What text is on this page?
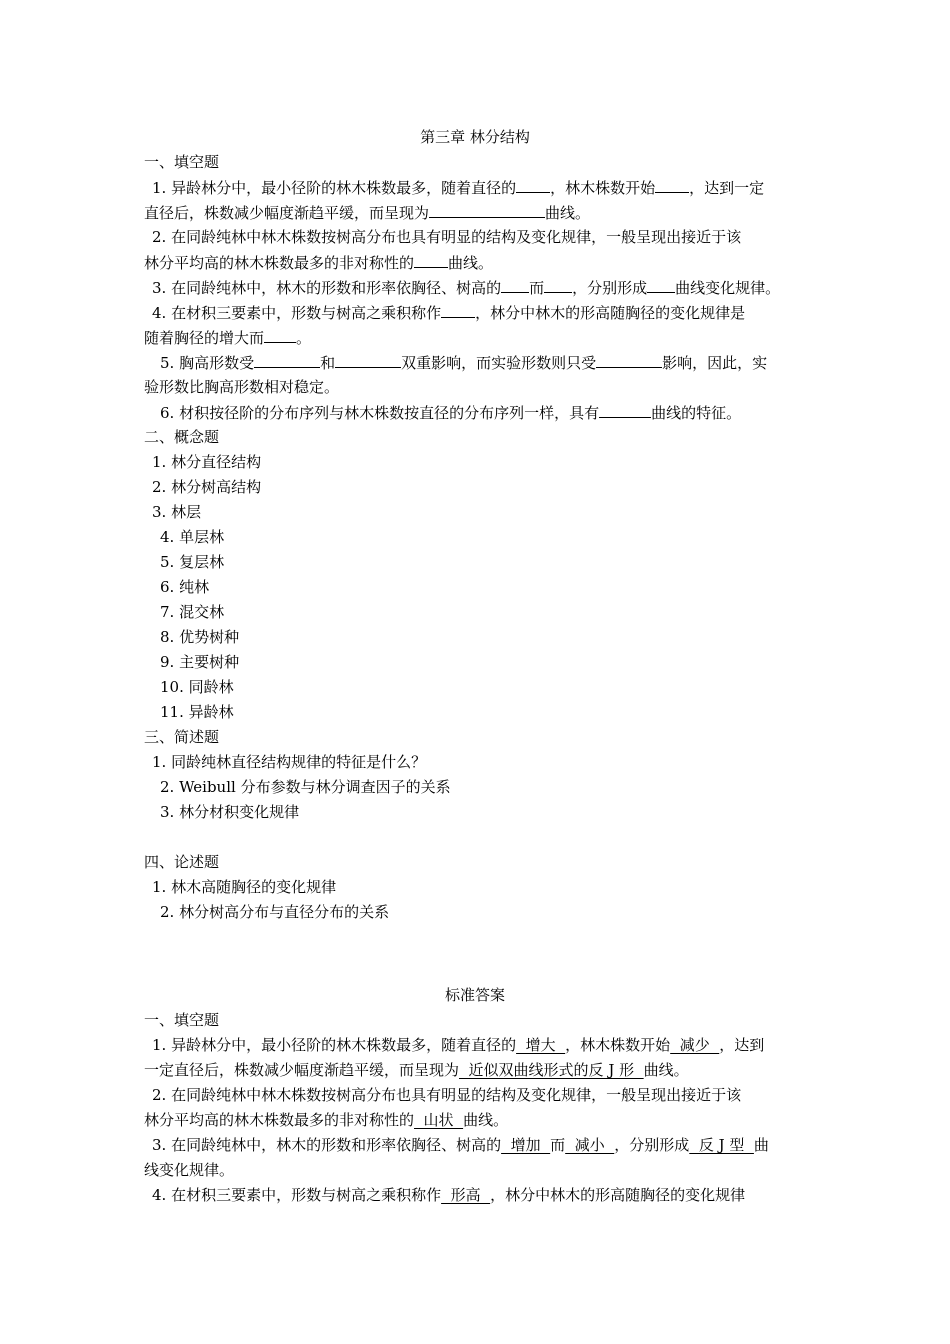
第三章 林分结构
一、填空题
1. 异龄林分中，最小径阶的林木株数最多，随着直径的 ，林木株数开始 ，达到一定
直径后，株数减少幅度渐趋平缓，而呈现为	曲线。
2. 在同龄纯林中林木株数按树高分布也具有明显的结构及变化规律，一般呈现出接近于该
林分平均高的林木株数最多的非对称性的 曲线。
3. 在同龄纯林中，林木的形数和形率依胸径、树高的 而 ，分别形成 曲线变化规律。
4. 在材积三要素中，形数与树高之乘积称作 ，林分中林木的形高随胸径的变化规律是
随着胸径的增大而 。
5. 胸高形数受	和	双重影响，而实验形数则只受	影响，因此，实
验形数比胸高形数相对稳定。
6. 材积按径阶的分布序列与林木株数按直径的分布序列一样，具有	曲线的特征。
二、概念题
1. 林分直径结构
2. 林分树高结构
3. 林层
4. 单层林
5. 复层林
6. 纯林
7. 混交林
8. 优势树种
9. 主要树种
10. 同龄林
11. 异龄林
三、简述题
1. 同龄纯林直径结构规律的特征是什么？
2. Weibull 分布参数与林分调查因子的关系
3. 林分材积变化规律
四、论述题
1. 林木高随胸径的变化规律
2. 林分树高分布与直径分布的关系
标准答案
一、填空题
1. 异龄林分中，最小径阶的林木株数最多，随着直径的  增大  ，林木株数开始  减少  ，达到
一定直径后，株数减少幅度渐趋平缓，而呈现为  近似双曲线形式的反 J 形  曲线。
2. 在同龄纯林中林木株数按树高分布也具有明显的结构及变化规律，一般呈现出接近于该
林分平均高的林木株数最多的非对称性的  山状  曲线。
3. 在同龄纯林中，林木的形数和形率依胸径、树高的  增加  而  减小  ，分别形成  反 J 型  曲
线变化规律。
4. 在材积三要素中，形数与树高之乘积称作  形高  ，林分中林木的形高随胸径的变化规律
